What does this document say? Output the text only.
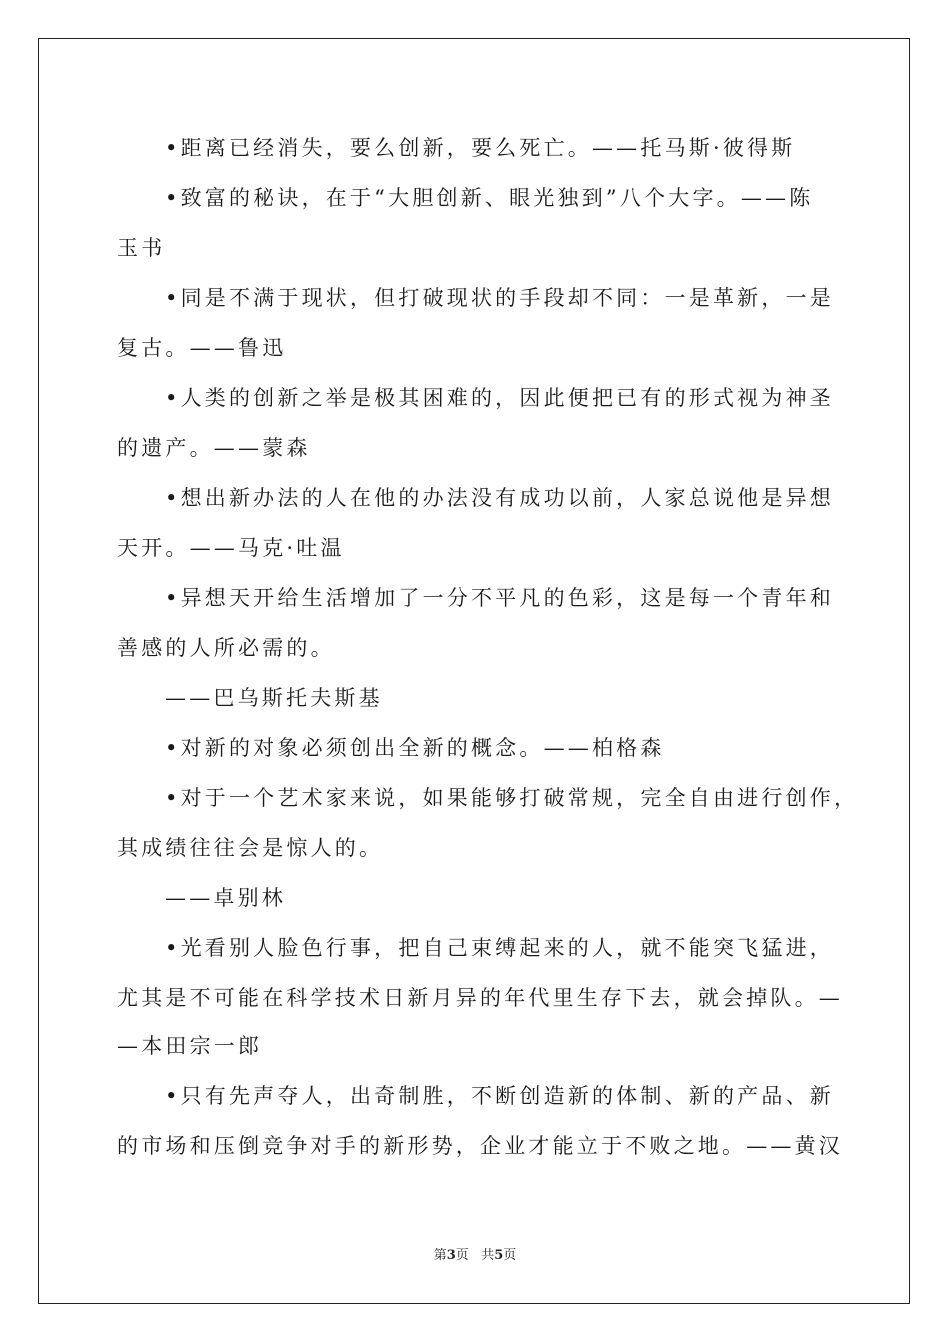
•距离已经消失，要么创新，要么死亡。——托马斯·彼得斯
•致富的秘诀，在于“大胆创新、眼光独到”八个大字。——陈
玉书
•同是不满于现状，但打破现状的手段却不同：一是革新，一是
复古。——鲁迅
•人类的创新之举是极其困难的，因此便把已有的形式视为神圣
的遗产。——蒙森
•想出新办法的人在他的办法没有成功以前，人家总说他是异想
天开。——马克·吐温
•异想天开给生活增加了一分不平凡的色彩，这是每一个青年和
善感的人所必需的。
——巴乌斯托夫斯基
•对新的对象必须创出全新的概念。——柏格森
•对于一个艺术家来说，如果能够打破常规，完全自由进行创作，
其成绩往往会是惊人的。
——卓别林
•光看别人脸色行事，把自己束缚起来的人，就不能突飞猛进，
尤其是不可能在科学技术日新月异的年代里生存下去，就会掉队。—
—本田宗一郎
•只有先声夺人，出奇制胜，不断创造新的体制、新的产品、新
的市场和压倒竞争对手的新形势，企业才能立于不败之地。——黄汉
第3页 共5页
